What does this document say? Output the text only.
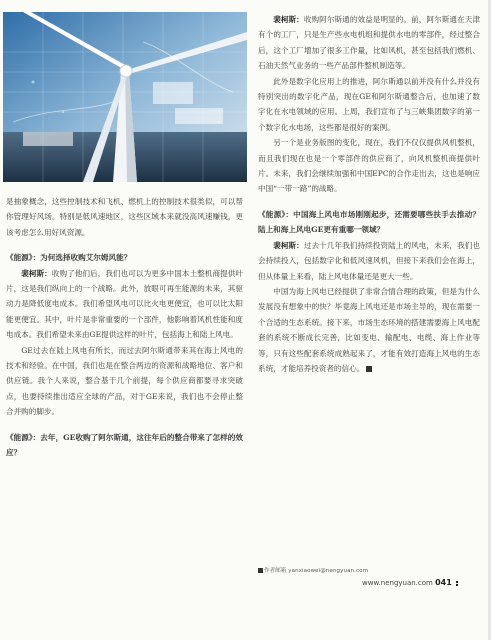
是抽象概念，这些控制技术和飞机、燃机上的控制技术很类似，可以帮你管理好风场。特别是低风速地区，这些区域本来就没高风速赚钱，更该考虑怎么用好风资源。

《能源》：为何选择收购艾尔姆风能？

裴柯斯：收购了他们后，我们也可以为更多中国本土整机商提供叶片，这是我们纵向上的一个战略。此外，放眼可再生能源的未来，其驱动力是降低度电成本。我们希望风电可以比火电更便宜，也可以比太阳能更便宜。其中，叶片是非常重要的一个部件，他影响着风机性能和度电成本。我们希望未来由GE提供这样的叶片，包括海上和陆上风电。

GE过去在陆上风电有所长，而过去阿尔斯通带来其在海上风电的技术和经验。在中国，我们也是在整合两边的资源和战略地位、客户和供应链。我个人来说，整合基于几个前提，每个供应商都要寻求突破点，也要持续推出适应全球的产品，对于GE来说，我们也不会停止整合并购的脚步。

《能源》：去年，GE收购了阿尔斯通，这往年后的整合带来了怎样的效应？

裴柯斯：收购阿尔斯通的效益是明显的。前，阿尔斯通在天津有个的工厂，只是生产些水电机组和提供水电的零部件，经过整合后，这个工厂增加了很多工作量，比如风机，甚至包括我们燃机、石油天然气业务的一些产品部件整机制造等。

此外是数字化应用上的推进，阿尔斯通以前并没有什么并没有特别突出的数字化产品，现在GE和阿尔斯通整合后，也加速了数字化在水电领域的应用。上周，我们宣布了与三峡集团数字的第一个数字化水电场，这些都是很好的案例。

另一个是业务版图的变化，现在，我们不仅仅提供风机整机，而且我们现在也是一个零部件的供应商了，向风机整机商提供叶片。未来，我们会继续加强和中国EPC的合作走出去，这也是响应中国“一带一路”的战略。

《能源》：中国海上风电市场刚刚起步，还需要哪些扶手去推动？陆上和海上风电GE更有重哪一领域？

裴柯斯：过去十几年我们持续投资陆上的风电，未来，我们也会持续投入，包括数字化和低风速风机，但接下来我们会在海上，但从体量上来看，陆上风电体量还是更大一些。

中国为海上风电已经提供了非常合情合理的政策，但是为什么发展没有想象中的快？毕竟海上风电还是市场主导的，现在需要一个合适的生态系统。接下来，市场生态环境的搭建需要海上风电配套的系统不断成长完善，比如变电、输配电、电缆、海上作业等等，只有这些配套系统成熟起来了，才能有效打造海上风电的生态系统，才能培养投资者的信心。

作者邮箱 yanxiaowei@nengyuan.com
www.nengyuan.com 041
